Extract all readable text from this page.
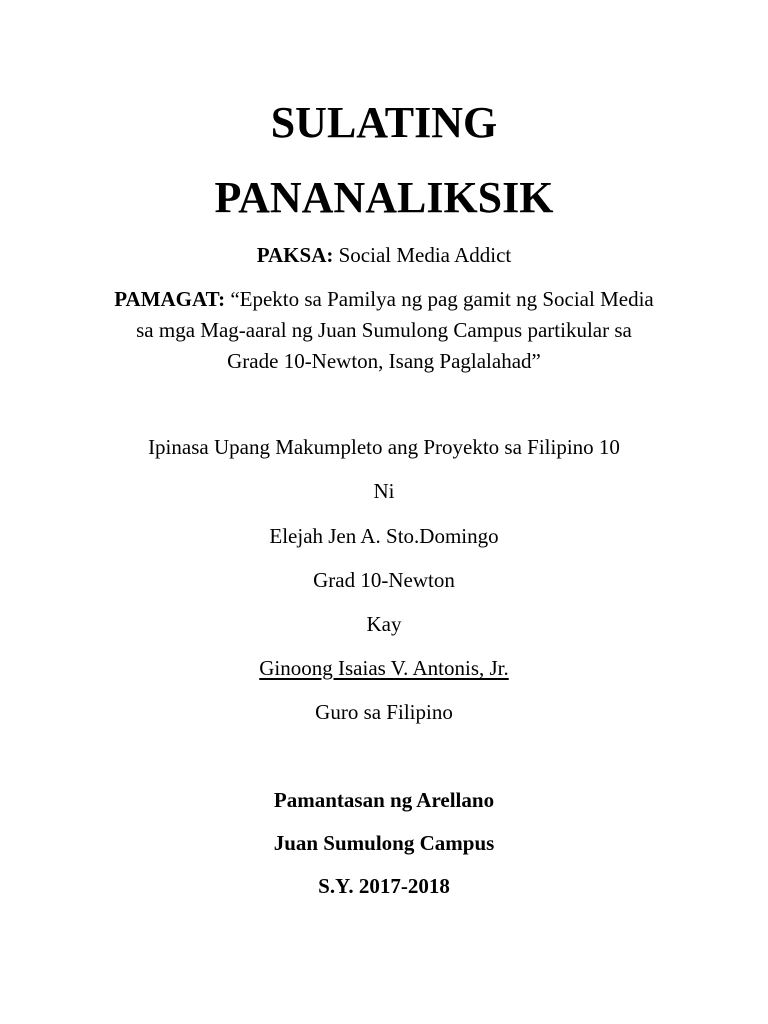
SULATING
PANANALIKSIK
PAKSA: Social Media Addict
PAMAGAT: “Epekto sa Pamilya ng pag gamit ng Social Media
sa mga Mag-aaral ng Juan Sumulong Campus partikular sa
Grade 10-Newton, Isang Paglalahad”
Ipinasa Upang Makumpleto ang Proyekto sa Filipino 10
Ni
Elejah Jen A. Sto.Domingo
Grad 10-Newton
Kay
Ginoong Isaias V. Antonis, Jr.
Guro sa Filipino
Pamantasan ng Arellano
Juan Sumulong Campus
S.Y. 2017-2018
